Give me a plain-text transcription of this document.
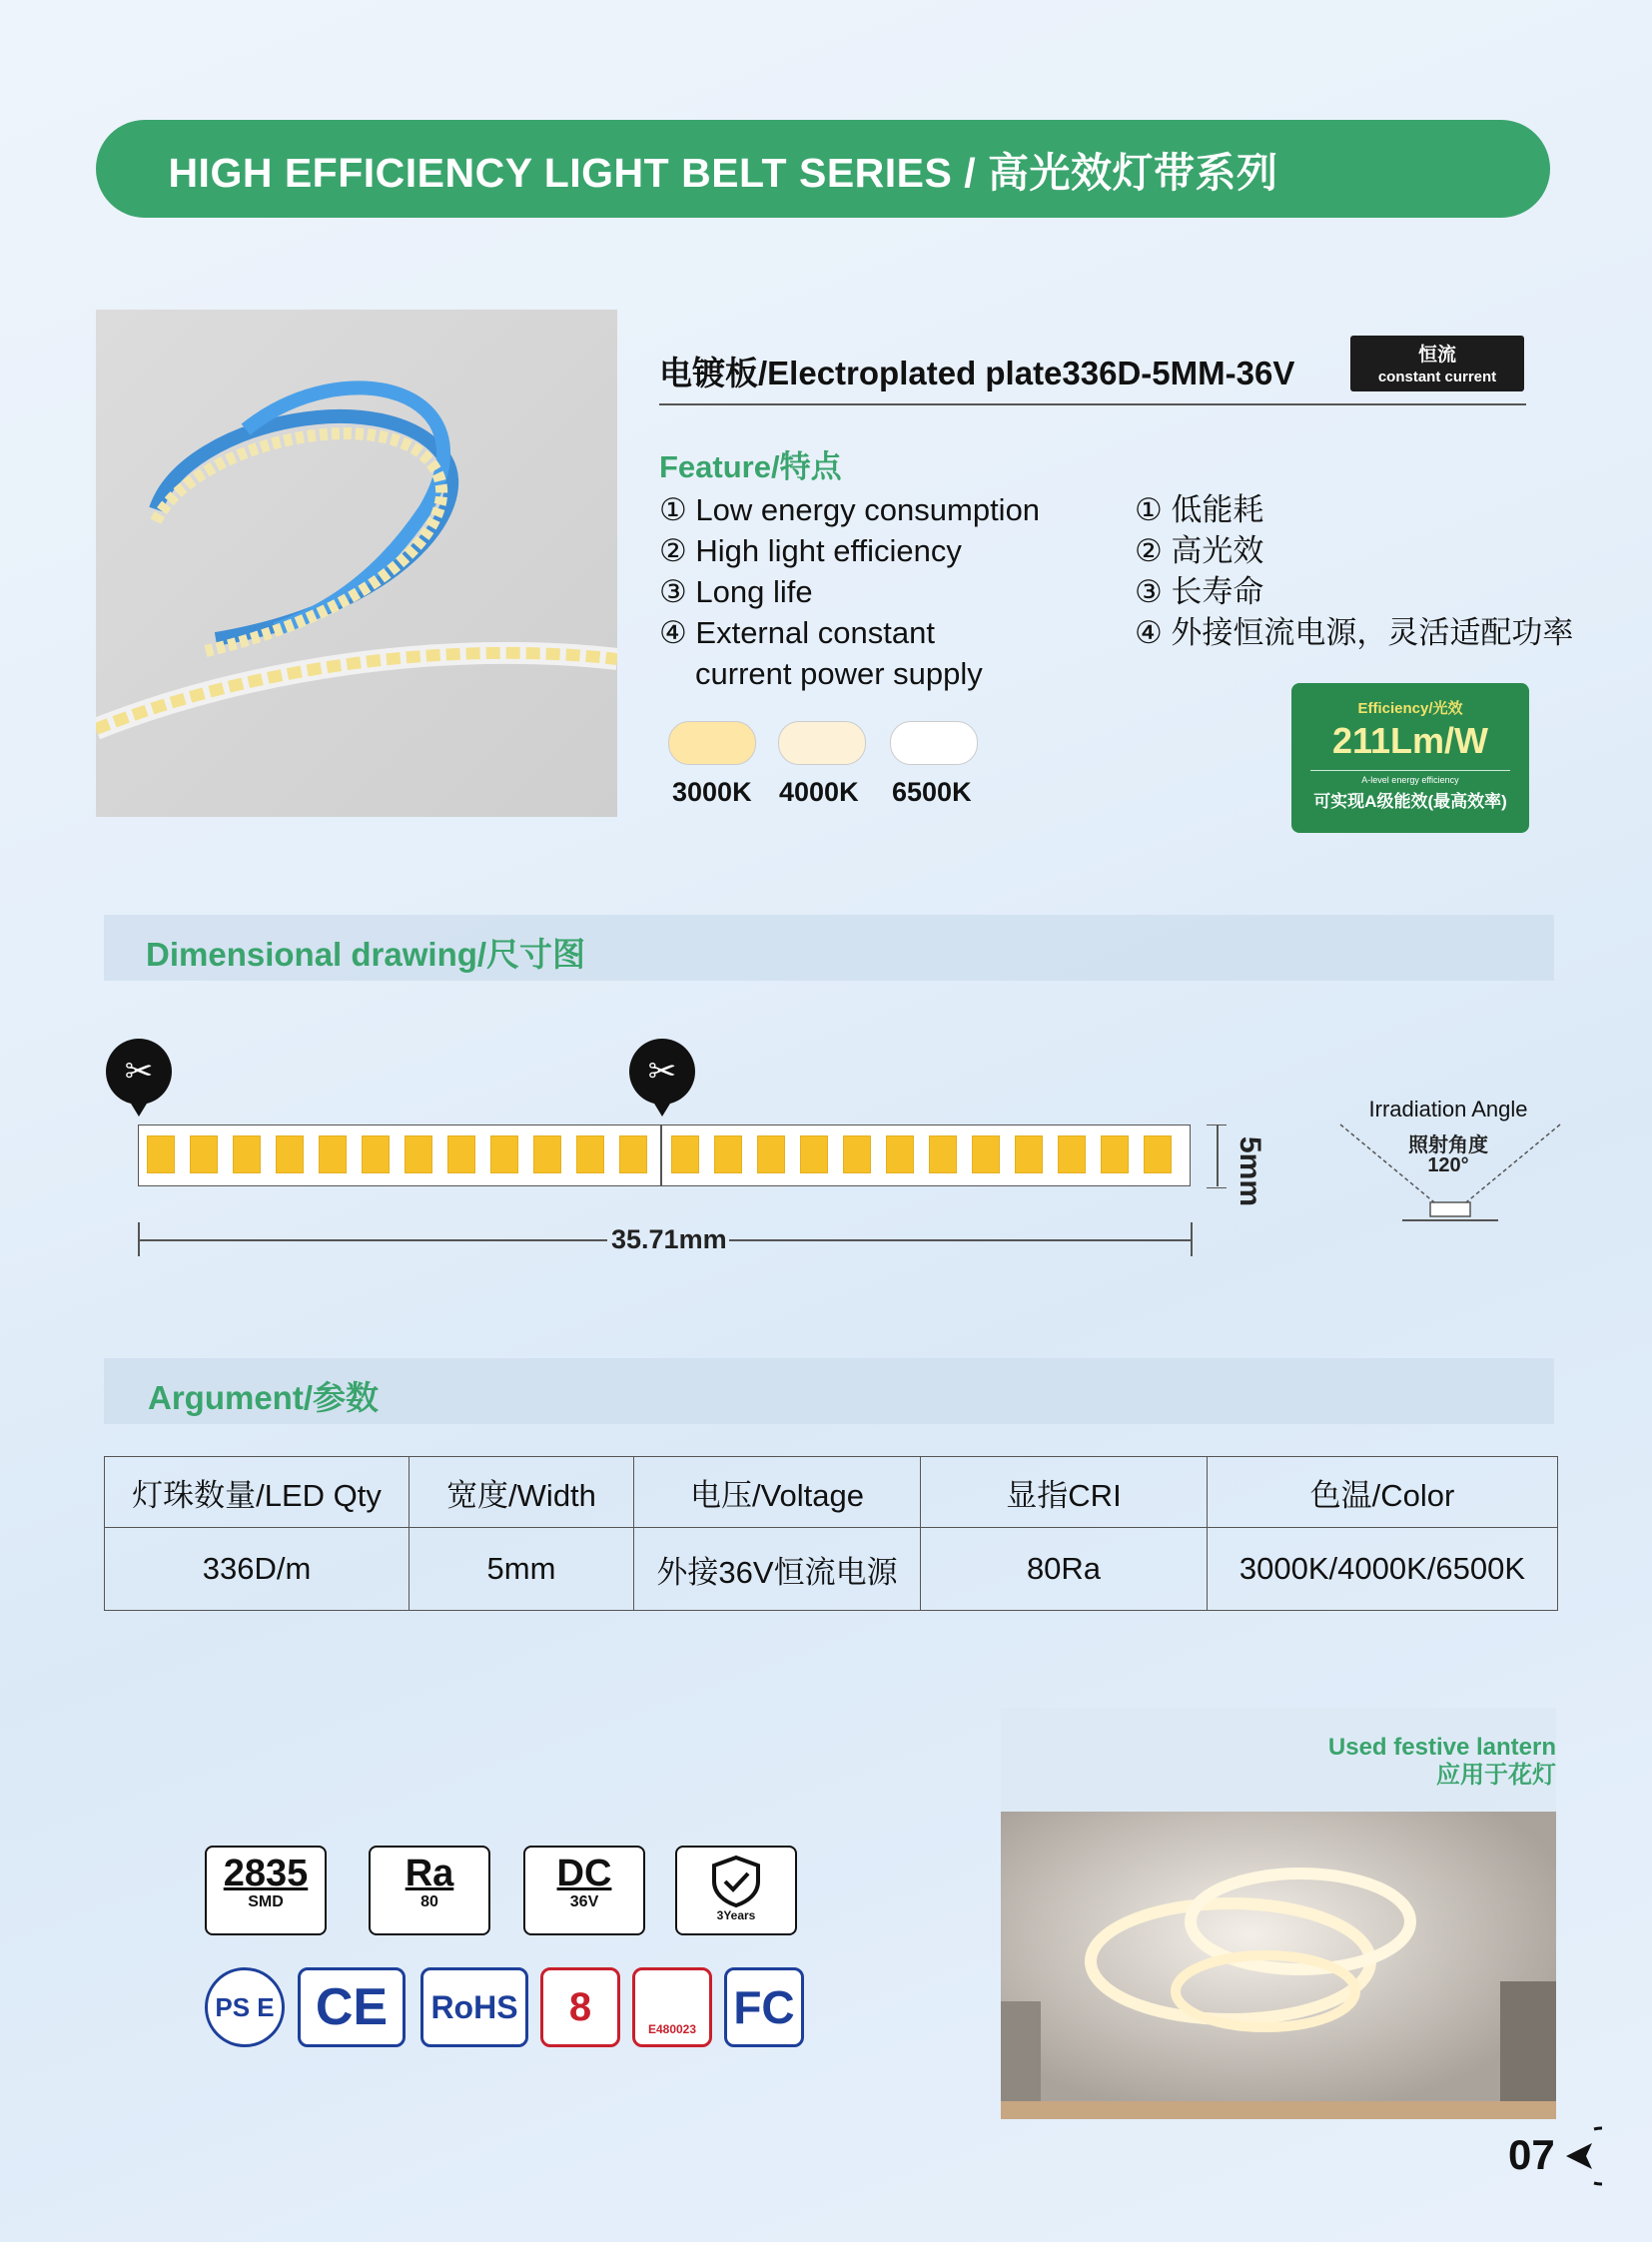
HIGH EFFICIENCY LIGHT BELT SERIES / 高光效灯带系列
电镀板/Electroplated plate336D-5MM-36V	恒流
constant current
Feature/特点
① Low energy consumption
② High light efficiency
③ Long life
④ External constant
current power supply
① 低能耗
② 高光效
③ 长寿命
④ 外接恒流电源，灵活适配功率
3000K 4000K 6500K
Efficiency/光效
211Lm/W
A-level energy efficiency
可实现A级能效(最高效率)
Dimensional drawing/尺寸图
✂	✂
5mm
35.71mm
Irradiation Angle
照射角度
120°
Argument/参数
灯珠数量/LED Qty	宽度/Width	电压/Voltage	显指CRI	色温/Color
336D/m	5mm	外接36V恒流电源	80Ra	3000K/4000K/6500K
2835
SMD
Ra
80
DC
36V
3Years
PS E CE	RoHS	8
E480023 FC
Used festive lantern
应用于花灯
07
